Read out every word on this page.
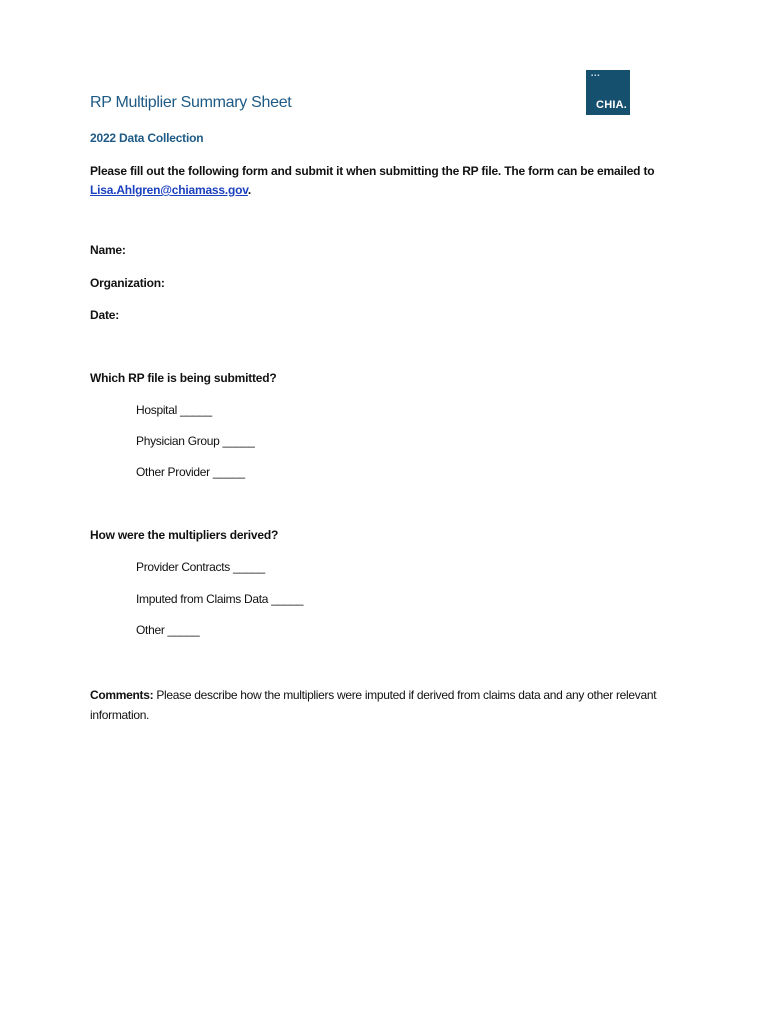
▪▪▪
CHIA.
RP Multiplier Summary Sheet
2022 Data Collection
Please fill out the following form and submit it when submitting the RP file. The form can be emailed to Lisa.Ahlgren@chiamass.gov.
Name:
Organization:
Date:
Which RP file is being submitted?
Hospital _____
Physician Group _____
Other Provider _____
How were the multipliers derived?
Provider Contracts _____
Imputed from Claims Data _____
Other _____
Comments: Please describe how the multipliers were imputed if derived from claims data and any other relevant information.
